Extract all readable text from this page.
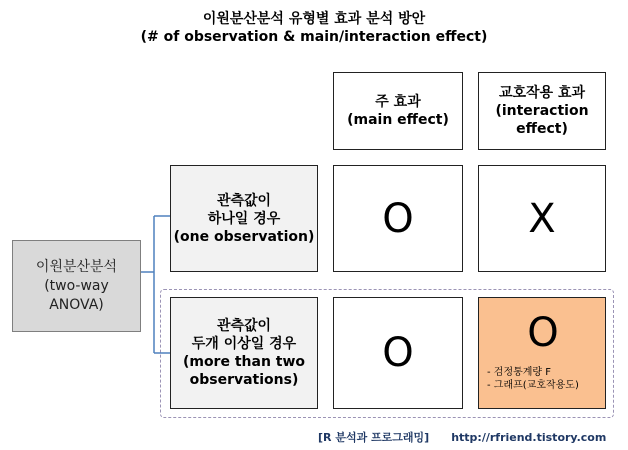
이원분산분석 유형별 효과 분석 방안
(# of observation & main/interaction effect)
주 효과
(main effect)
교호작용 효과
(interaction
effect)
이원분산분석
(two-way
ANOVA)
관측값이
하나일 경우
(one observation) O	X
관측값이
두개 이상일 경우
(more than two
observations)
O	O
- 검정통계량 F
- 그래프(교호작용도)
[R 분석과 프로그래밍] http://rfriend.tistory.com
